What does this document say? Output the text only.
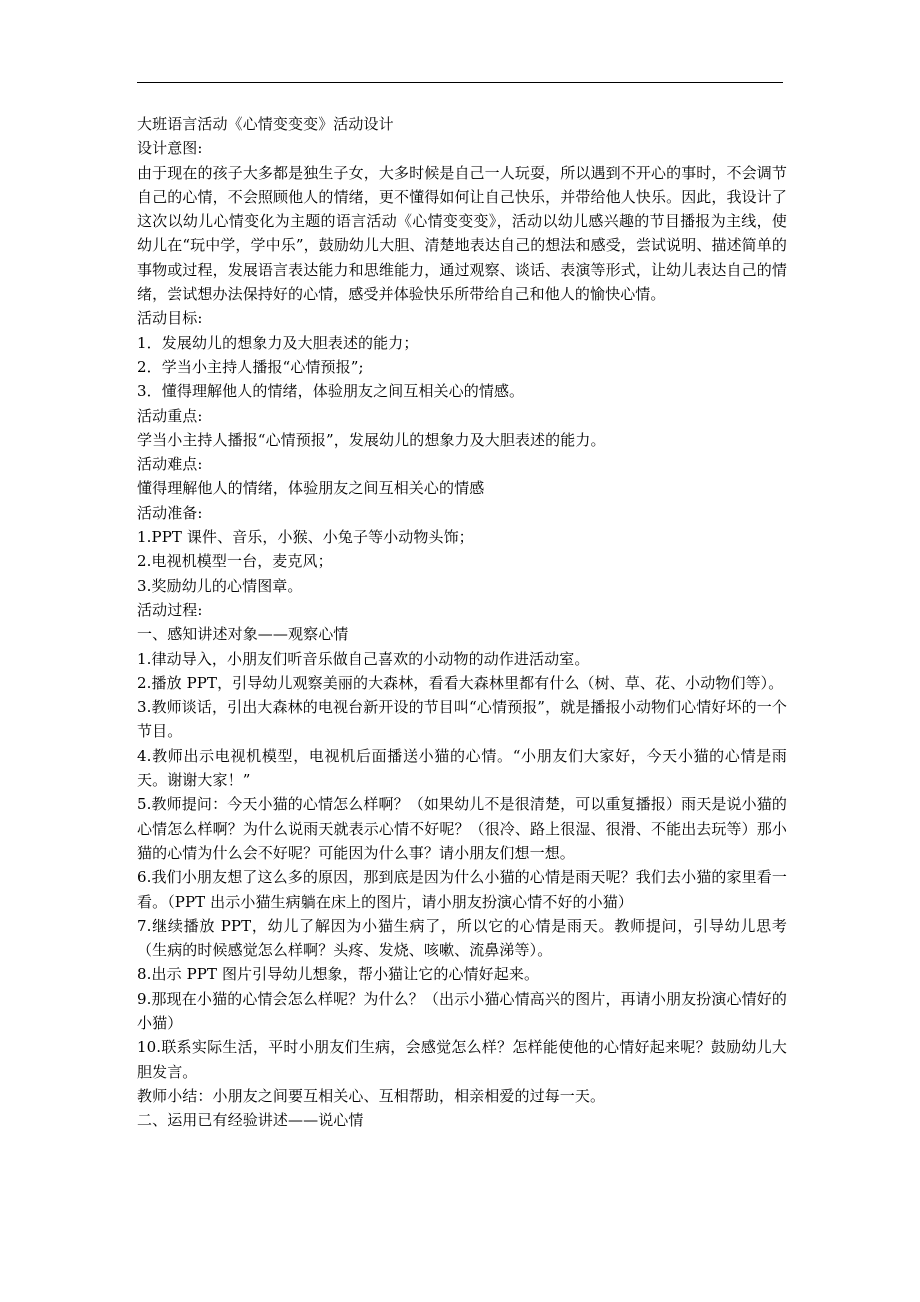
大班语言活动《心情变变变》活动设计

设计意图:

由于现在的孩子大多都是独生子女，大多时候是自己一人玩耍，所以遇到不开心的事时，不会调节自己的心情，不会照顾他人的情绪，更不懂得如何让自己快乐，并带给他人快乐。因此，我设计了这次以幼儿心情变化为主题的语言活动《心情变变变》，活动以幼儿感兴趣的节目播报为主线，使幼儿在“玩中学，学中乐”，鼓励幼儿大胆、清楚地表达自己的想法和感受，尝试说明、描述简单的事物或过程，发展语言表达能力和思维能力，通过观察、谈话、表演等形式，让幼儿表达自己的情绪，尝试想办法保持好的心情，感受并体验快乐所带给自己和他人的愉快心情。

活动目标:

1．发展幼儿的想象力及大胆表述的能力；

2．学当小主持人播报“心情预报”;

3．懂得理解他人的情绪，体验朋友之间互相关心的情感。

活动重点:

学当小主持人播报“心情预报”，发展幼儿的想象力及大胆表述的能力。

活动难点:

懂得理解他人的情绪，体验朋友之间互相关心的情感

活动准备:

1.PPT 课件、音乐，小猴、小兔子等小动物头饰；

2.电视机模型一台，麦克风；

3.奖励幼儿的心情图章。

活动过程:

一、感知讲述对象——观察心情

1.律动导入，小朋友们听音乐做自己喜欢的小动物的动作进活动室。

2.播放 PPT，引导幼儿观察美丽的大森林，看看大森林里都有什么（树、草、花、小动物们等）。

3.教师谈话，引出大森林的电视台新开设的节目叫“心情预报”，就是播报小动物们心情好坏的一个节目。

4.教师出示电视机模型，电视机后面播送小猫的心情。“小朋友们大家好，今天小猫的心情是雨天。谢谢大家！”

5.教师提问：今天小猫的心情怎么样啊？（如果幼儿不是很清楚，可以重复播报）雨天是说小猫的心情怎么样啊？为什么说雨天就表示心情不好呢？（很冷、路上很湿、很滑、不能出去玩等）那小猫的心情为什么会不好呢？可能因为什么事？请小朋友们想一想。

6.我们小朋友想了这么多的原因，那到底是因为什么小猫的心情是雨天呢？我们去小猫的家里看一看。（PPT 出示小猫生病躺在床上的图片，请小朋友扮演心情不好的小猫）

7.继续播放 PPT，幼儿了解因为小猫生病了，所以它的心情是雨天。教师提问，引导幼儿思考（生病的时候感觉怎么样啊？头疼、发烧、咳嗽、流鼻涕等）。

8.出示 PPT 图片引导幼儿想象，帮小猫让它的心情好起来。

9.那现在小猫的心情会怎么样呢？为什么？（出示小猫心情高兴的图片，再请小朋友扮演心情好的小猫）

10.联系实际生活，平时小朋友们生病，会感觉怎么样？怎样能使他的心情好起来呢？鼓励幼儿大胆发言。

教师小结：小朋友之间要互相关心、互相帮助，相亲相爱的过每一天。

二、运用已有经验讲述——说心情
